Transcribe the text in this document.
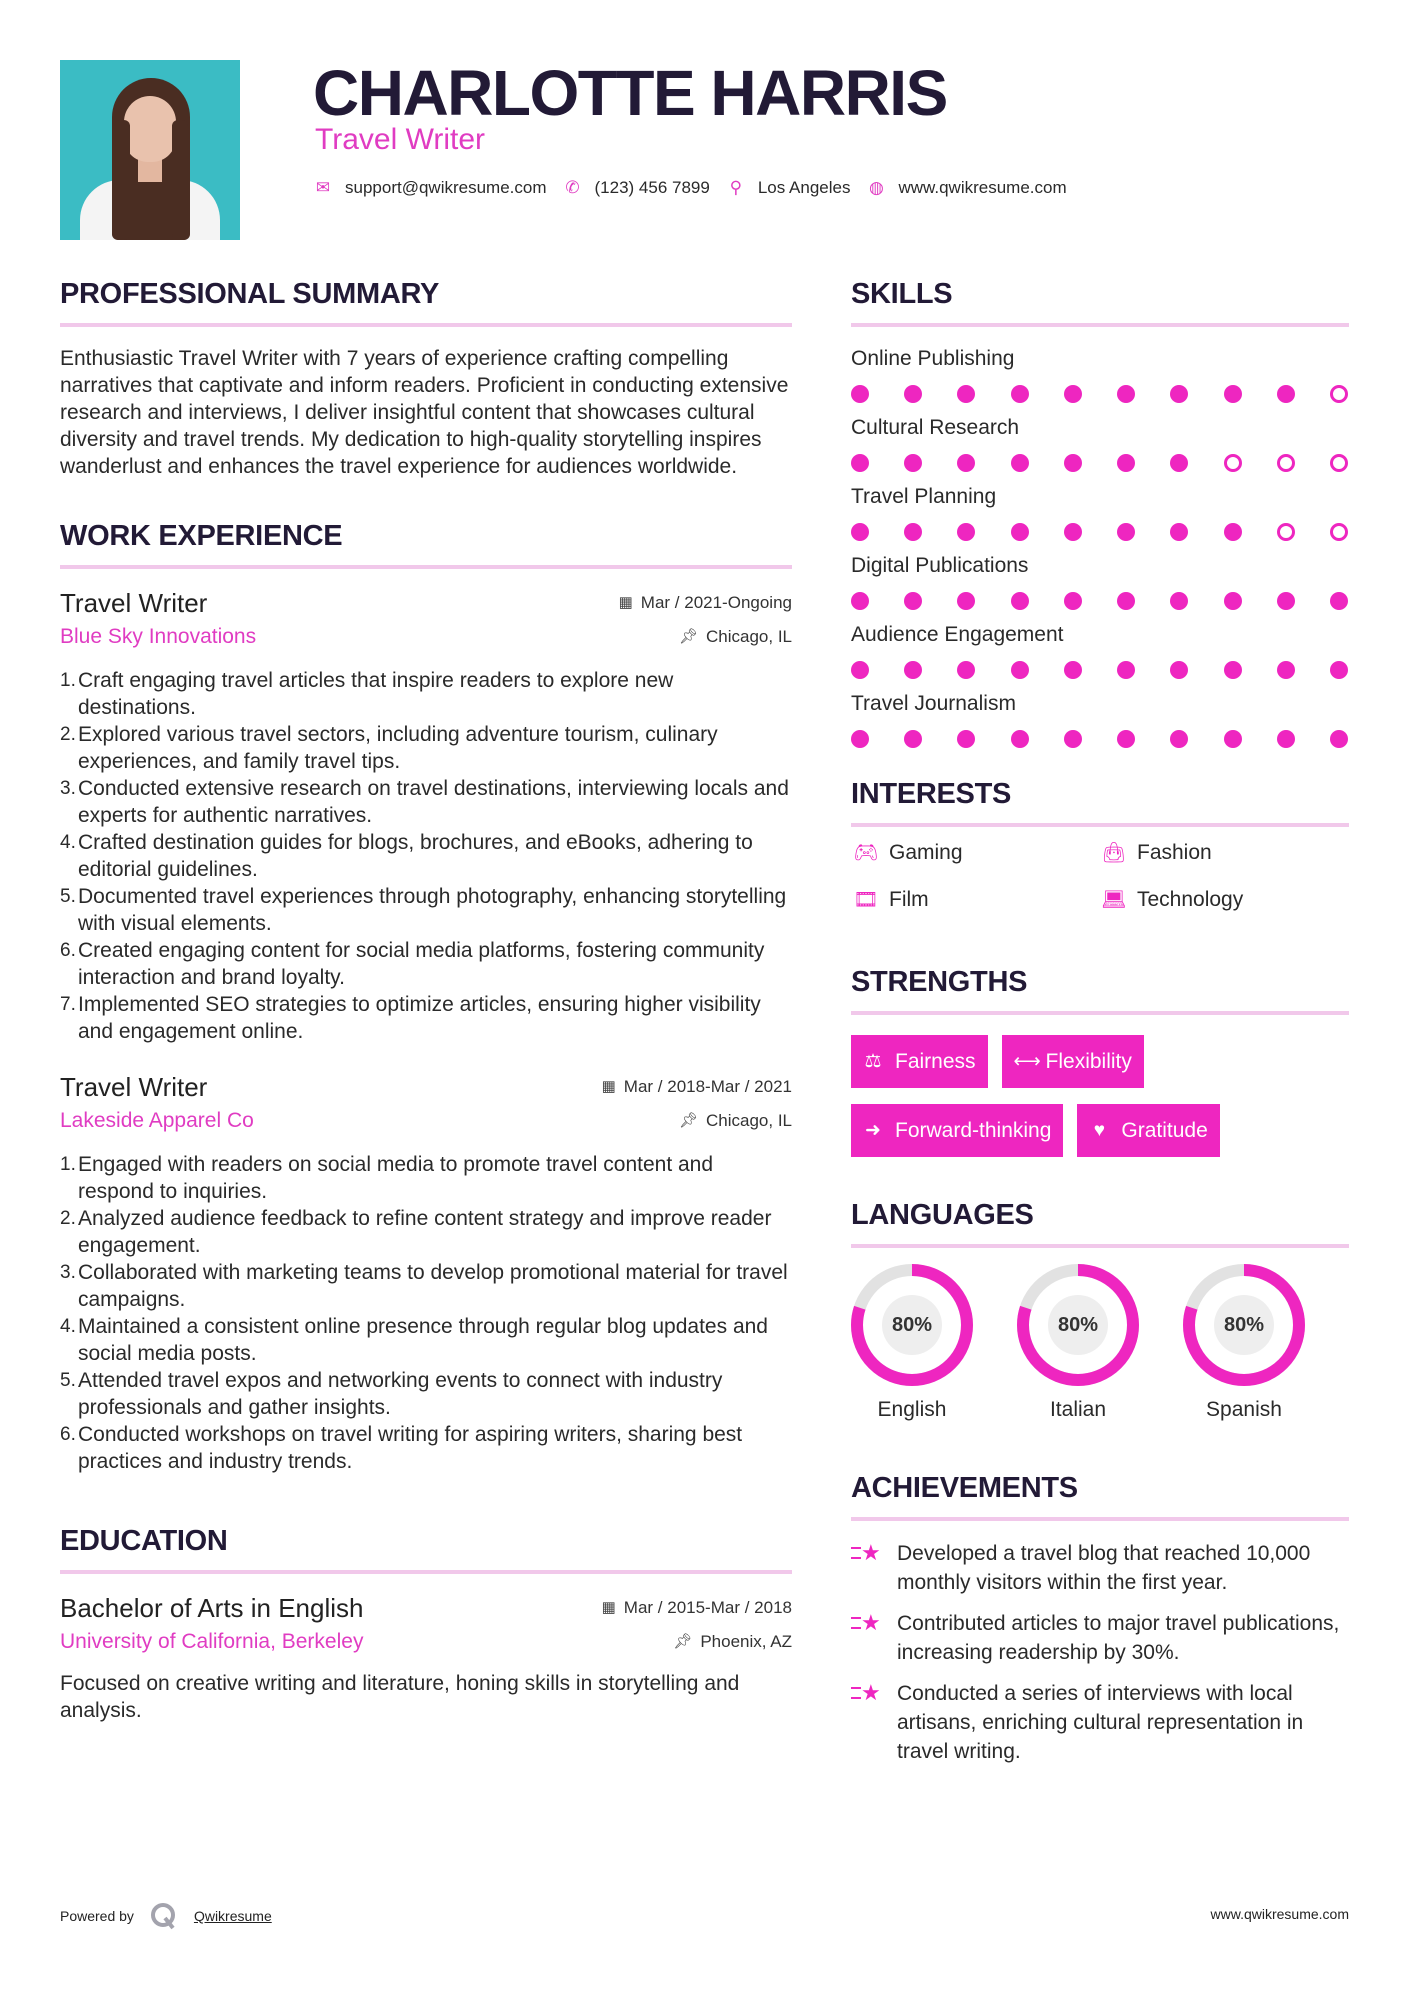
CHARLOTTE HARRIS
Travel Writer
✉ support@qwikresume.com ✆ (123) 456 7899 ⚲ Los Angeles ◍ www.qwikresume.com
PROFESSIONAL SUMMARY

Enthusiastic Travel Writer with 7 years of experience crafting compelling narratives that captivate and inform readers. Proficient in conducting extensive research and interviews, I deliver insightful content that showcases cultural diversity and travel trends. My dedication to high-quality storytelling inspires wanderlust and enhances the travel experience for audiences worldwide.

WORK EXPERIENCE
Travel Writer	▦ Mar / 2021-Ongoing
Blue Sky Innovations	📌︎ Chicago, IL
1. Craft engaging travel articles that inspire readers to explore new destinations.
2. Explored various travel sectors, including adventure tourism, culinary experiences, and family travel tips.
3. Conducted extensive research on travel destinations, interviewing locals and experts for authentic narratives.
4. Crafted destination guides for blogs, brochures, and eBooks, adhering to editorial guidelines.
5. Documented travel experiences through photography, enhancing storytelling with visual elements.
6. Created engaging content for social media platforms, fostering community interaction and brand loyalty.
7. Implemented SEO strategies to optimize articles, ensuring higher visibility and engagement online.
Travel Writer	▦ Mar / 2018-Mar / 2021
Lakeside Apparel Co	📌︎ Chicago, IL
1. Engaged with readers on social media to promote travel content and respond to inquiries.
2. Analyzed audience feedback to refine content strategy and improve reader engagement.
3. Collaborated with marketing teams to develop promotional material for travel campaigns.
4. Maintained a consistent online presence through regular blog updates and social media posts.
5. Attended travel expos and networking events to connect with industry professionals and gather insights.
6. Conducted workshops on travel writing for aspiring writers, sharing best practices and industry trends.
EDUCATION
Bachelor of Arts in English	▦ Mar / 2015-Mar / 2018
University of California, Berkeley	📌︎ Phoenix, AZ

Focused on creative writing and literature, honing skills in storytelling and analysis.

SKILLS
Online Publishing
Cultural Research
Travel Planning
Digital Publications
Audience Engagement
Travel Journalism
INTERESTS
🎮︎ Gaming	👜︎ Fashion
🎞︎ Film	💻︎ Technology
STRENGTHS
⚖ Fairness ⟷ Flexibility
➜ Forward-thinking ♥ Gratitude
LANGUAGES
80%
English
80%
Italian
80%
Spanish
ACHIEVEMENTS
★ Developed a travel blog that reached 10,000 monthly visitors within the first year.
★ Contributed articles to major travel publications, increasing readership by 30%.
★ Conducted a series of interviews with local artisans, enriching cultural representation in travel writing.
Powered by	Qwikresume	www.qwikresume.com
